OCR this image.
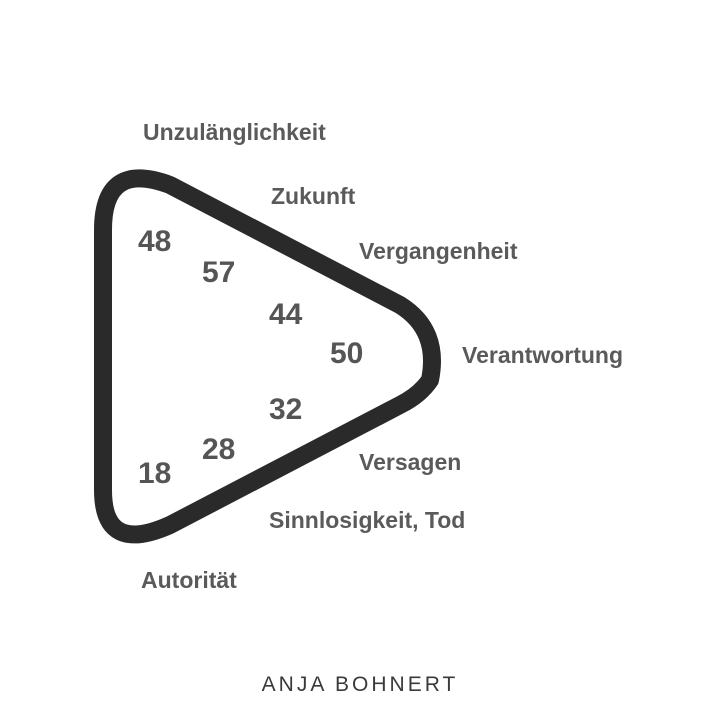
Unzulänglichkeit
Zukunft
Vergangenheit
Verantwortung
Versagen
Sinnlosigkeit, Tod
Autorität
48
57
44
50
32
28
18
ANJA BOHNERT
